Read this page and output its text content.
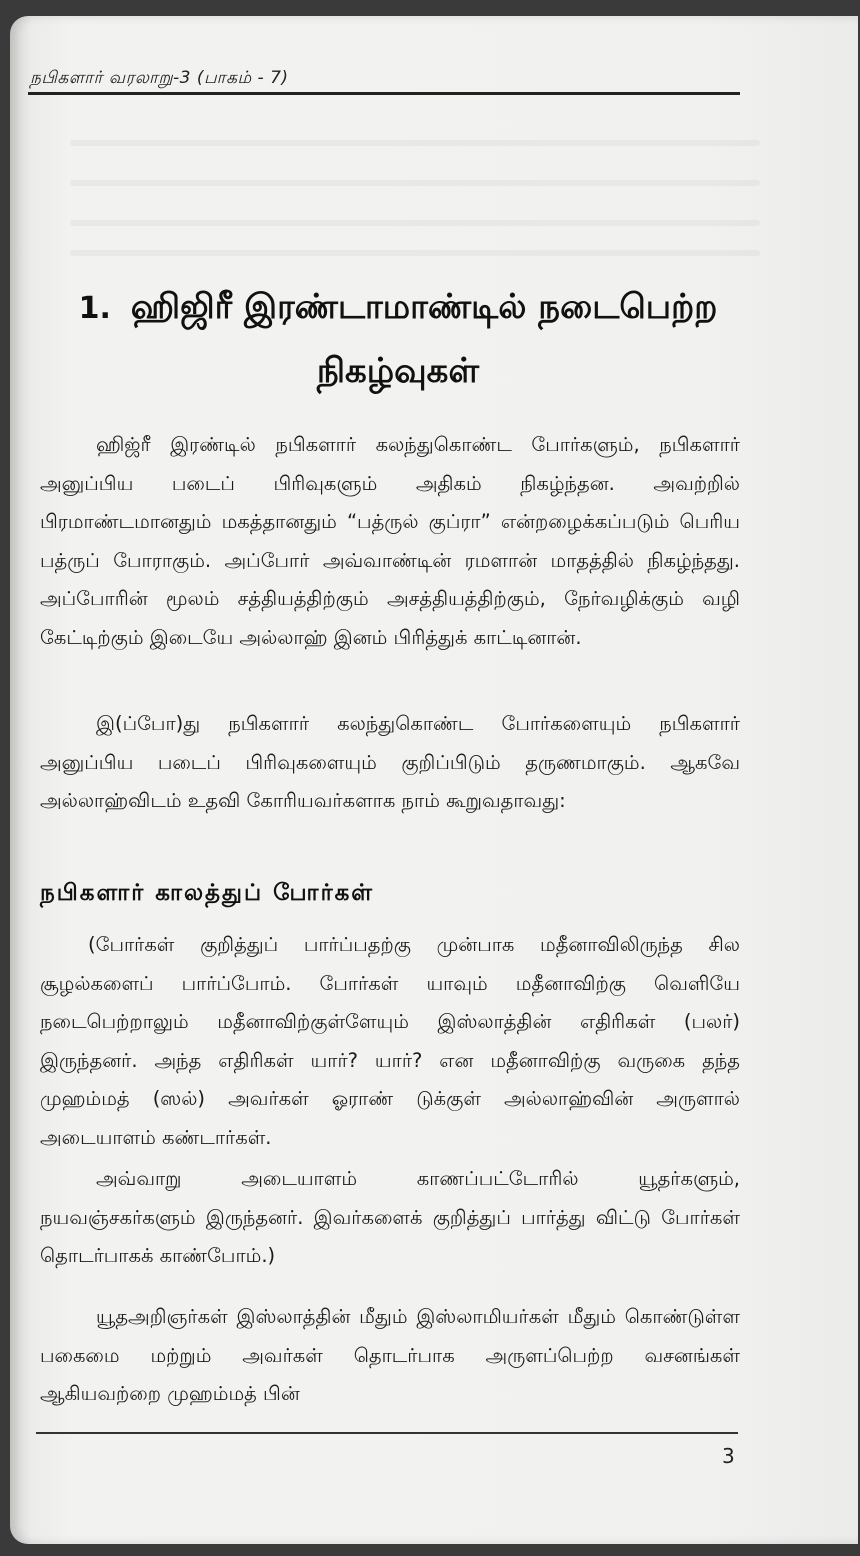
நபிகளார் வரலாறு-3 (பாகம் - 7)
1. ஹிஜிரீ இரண்டாமாண்டில் நடைபெற்ற நிகழ்வுகள்

ஹிஜ்ரீ இரண்டில் நபிகளார் கலந்துகொண்ட போர்களும், நபிகளார் அனுப்பிய படைப் பிரிவுகளும் அதிகம் நிகழ்ந்தன. அவற்றில் பிரமாண்டமானதும் மகத்தானதும் “பத்ருல் குப்ரா” என்றழைக்கப்படும் பெரிய பத்ருப் போராகும். அப்போர் அவ்வாண்டின் ரமளான் மாதத்தில் நிகழ்ந்தது. அப்போரின் மூலம் சத்தியத்திற்கும் அசத்தியத்திற்கும், நேர்வழிக்கும் வழி கேட்டிற்கும் இடையே அல்லாஹ் இனம் பிரித்துக் காட்டினான்.

இ(ப்போ)து நபிகளார் கலந்துகொண்ட போர்களையும் நபிகளார் அனுப்பிய படைப் பிரிவுகளையும் குறிப்பிடும் தருணமாகும். ஆகவே அல்லாஹ்விடம் உதவி கோரியவர்களாக நாம் கூறுவதாவது:

நபிகளார் காலத்துப் போர்கள்

(போர்கள் குறித்துப் பார்ப்பதற்கு முன்பாக மதீனாவிலிருந்த சில சூழல்களைப் பார்ப்போம். போர்கள் யாவும் மதீனாவிற்கு வெளியே நடைபெற்றாலும் மதீனாவிற்குள்ளேயும் இஸ்லாத்தின் எதிரிகள் (பலர்) இருந்தனர். அந்த எதிரிகள் யார்? யார்? என மதீனாவிற்கு வருகை தந்த முஹம்மத் (ஸல்) அவர்கள் ஓராண் டுக்குள் அல்லாஹ்வின் அருளால் அடையாளம் கண்டார்கள்.

அவ்வாறு அடையாளம் காணப்பட்டோரில் யூதர்களும், நயவஞ்சகர்களும் இருந்தனர். இவர்களைக் குறித்துப் பார்த்து விட்டு போர்கள் தொடர்பாகக் காண்போம்.)

யூதஅறிஞர்கள் இஸ்லாத்தின் மீதும் இஸ்லாமியர்கள் மீதும் கொண்டுள்ள பகைமை மற்றும் அவர்கள் தொடர்பாக அருளப்பெற்ற வசனங்கள் ஆகியவற்றை முஹம்மத் பின்

3
